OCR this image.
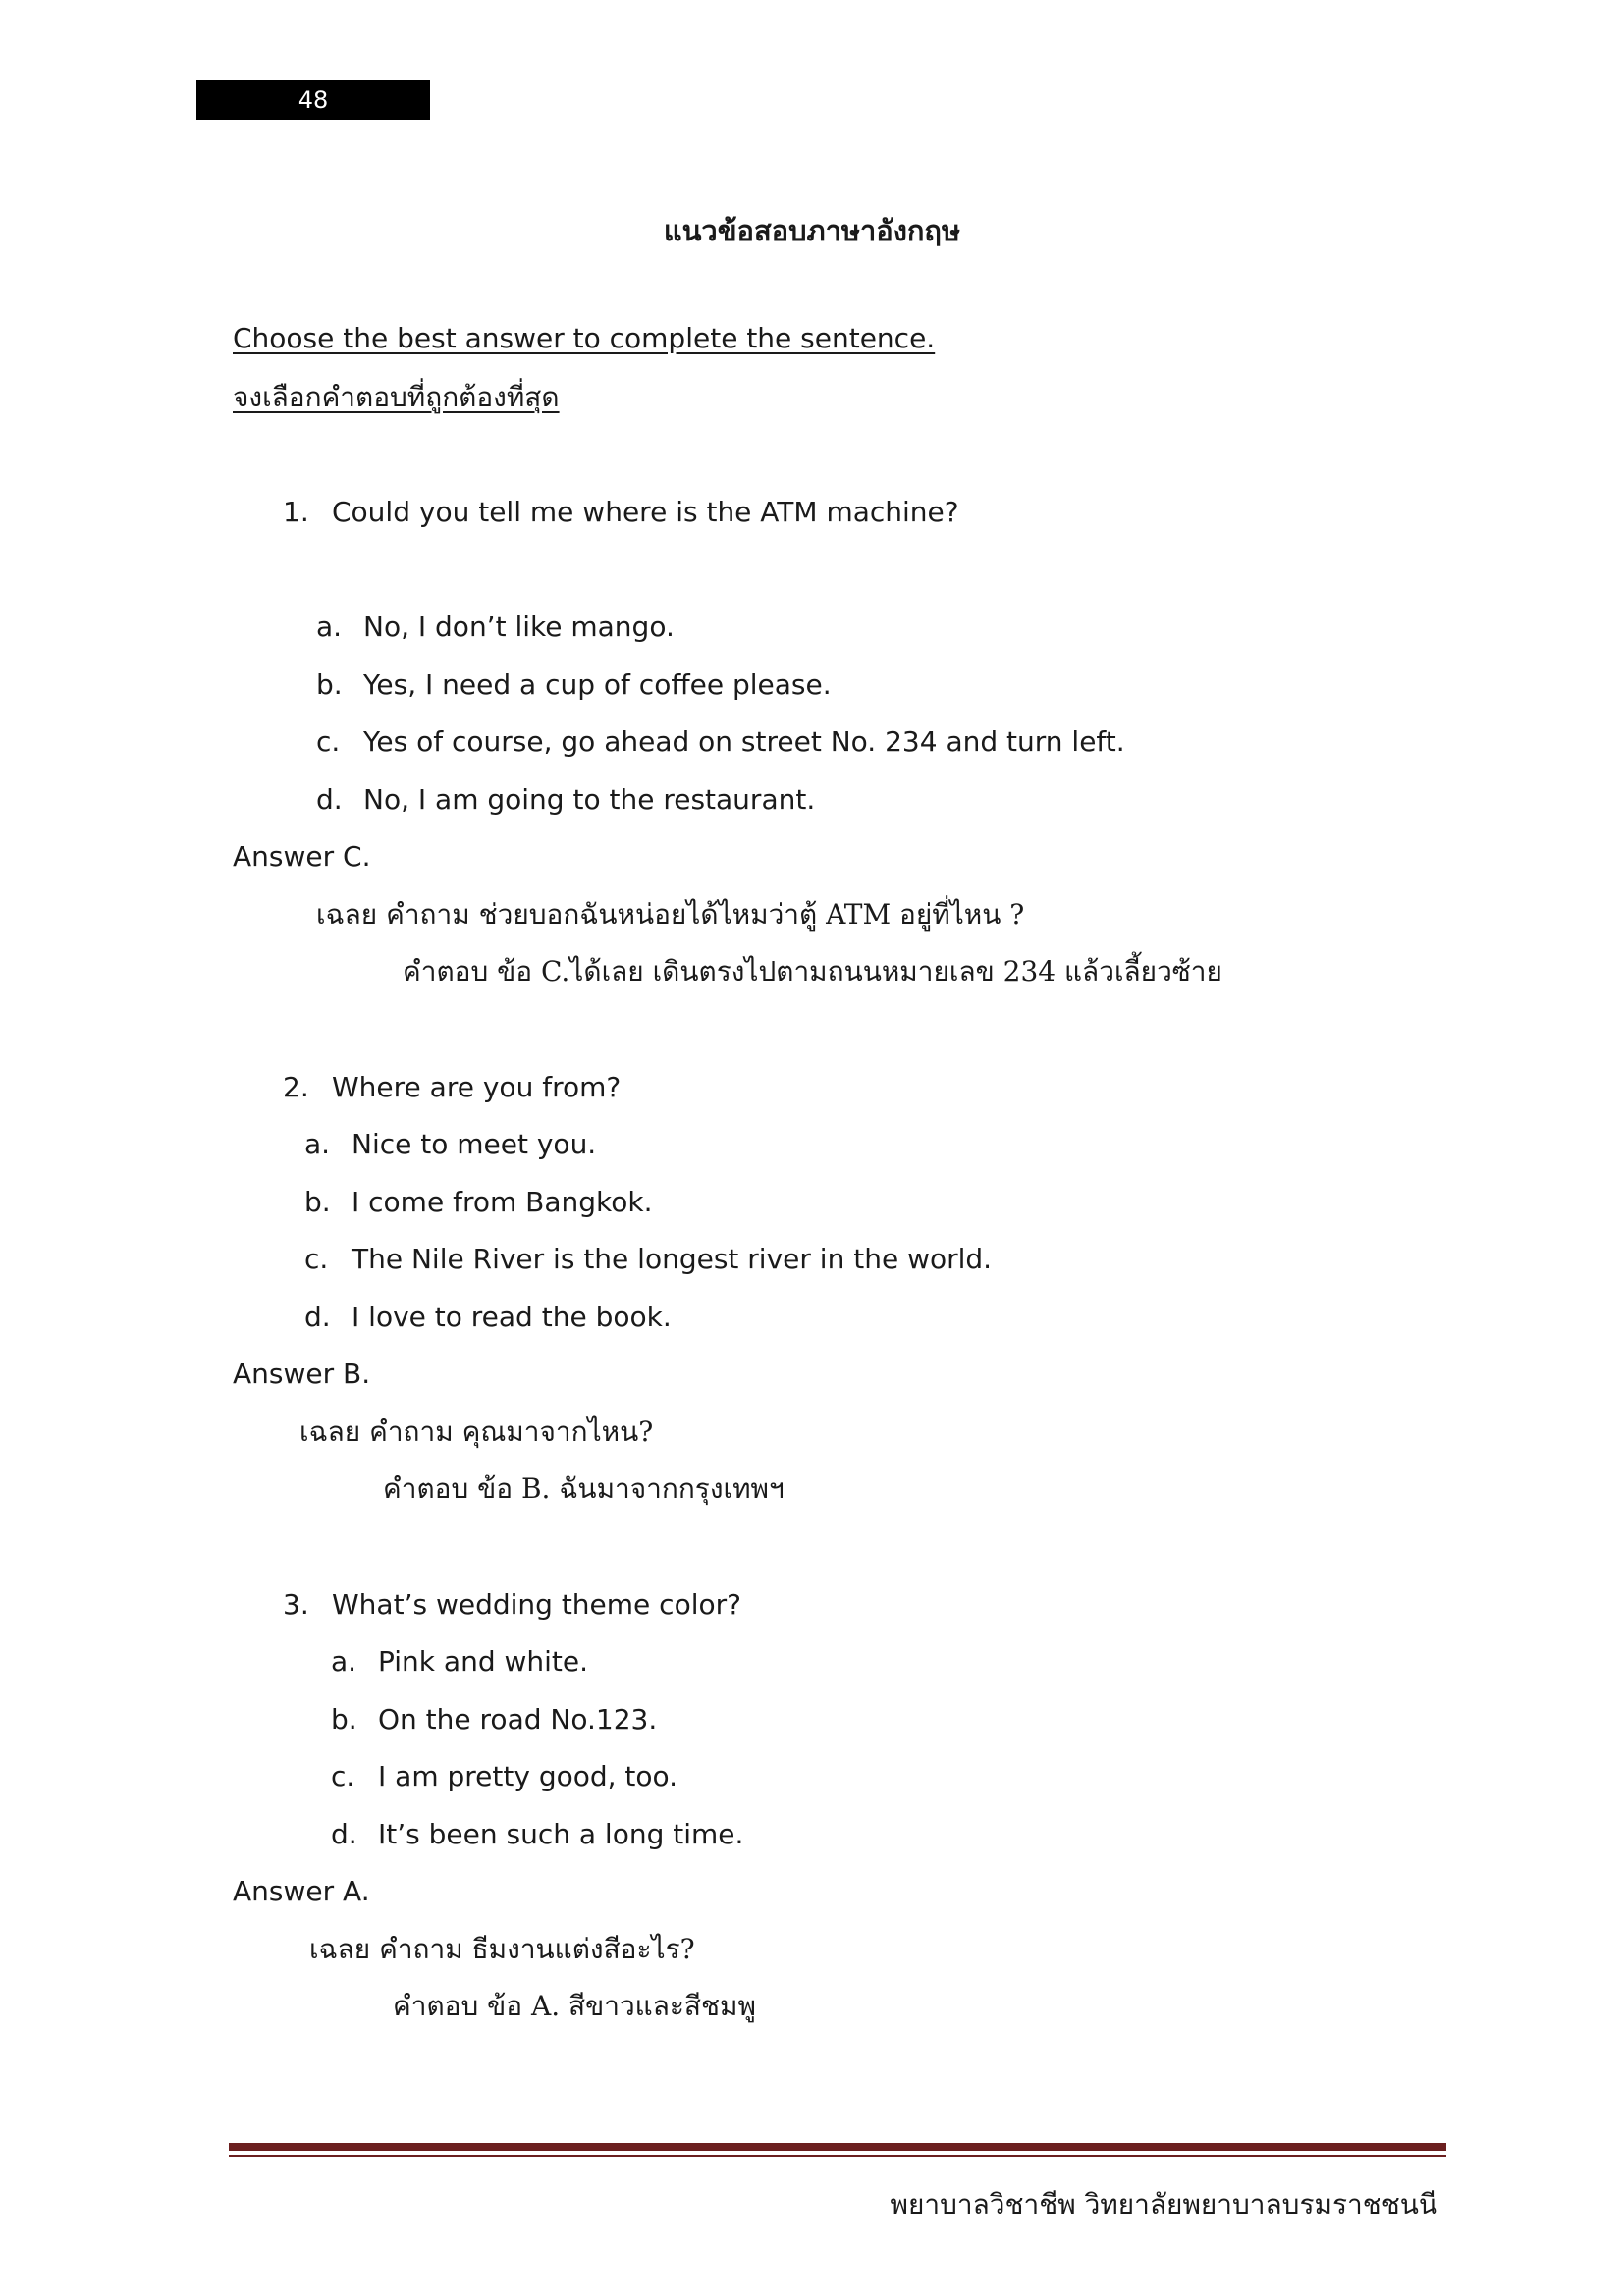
48
แนวข้อสอบภาษาอังกฤษ
Choose the best answer to complete the sentence.
จงเลือกคำตอบที่ถูกต้องที่สุด
1. Could you tell me where is the ATM machine?
a. No, I don’t like mango.
b. Yes, I need a cup of coffee please.
c. Yes of course, go ahead on street No. 234 and turn left.
d. No, I am going to the restaurant.
Answer C.
เฉลย คำถาม ช่วยบอกฉันหน่อยได้ไหมว่าตู้ ATM อยู่ที่ไหน ?
คำตอบ ข้อ C.ได้เลย เดินตรงไปตามถนนหมายเลข 234 แล้วเลี้ยวซ้าย
2. Where are you from?
a. Nice to meet you.
b. I come from Bangkok.
c. The Nile River is the longest river in the world.
d. I love to read the book.
Answer B.
เฉลย คำถาม คุณมาจากไหน?
คำตอบ ข้อ B. ฉันมาจากกรุงเทพฯ
3. What’s wedding theme color?
a. Pink and white.
b. On the road No.123.
c. I am pretty good, too.
d. It’s been such a long time.
Answer A.
เฉลย คำถาม ธีมงานแต่งสีอะไร?
คำตอบ ข้อ A. สีขาวและสีชมพู
พยาบาลวิชาชีพ วิทยาลัยพยาบาลบรมราชชนนี
